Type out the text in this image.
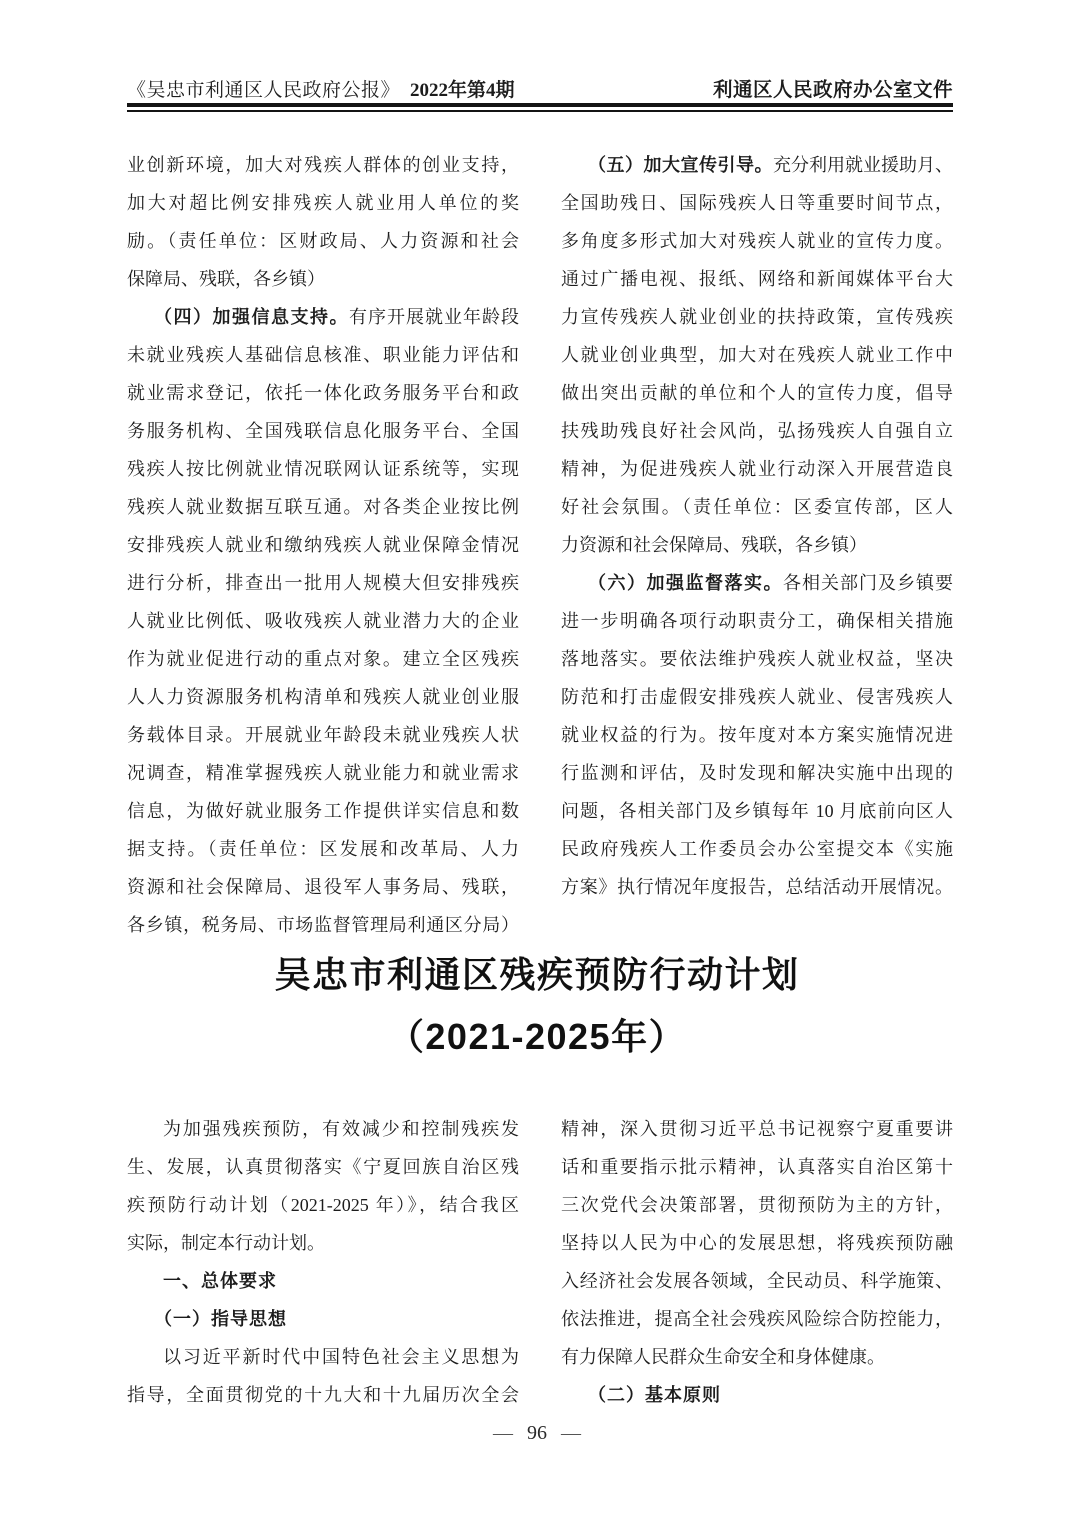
《吴忠市利通区人民政府公报》 2022年第4期	利通区人民政府办公室文件
业创新环境，加大对残疾人群体的创业支持，
加大对超比例安排残疾人就业用人单位的奖
励。（责任单位：区财政局、人力资源和社会
保障局、残联，各乡镇）
（四）加强信息支持。有序开展就业年龄段
未就业残疾人基础信息核准、职业能力评估和
就业需求登记，依托一体化政务服务平台和政
务服务机构、全国残联信息化服务平台、全国
残疾人按比例就业情况联网认证系统等，实现
残疾人就业数据互联互通。对各类企业按比例
安排残疾人就业和缴纳残疾人就业保障金情况
进行分析，排查出一批用人规模大但安排残疾
人就业比例低、吸收残疾人就业潜力大的企业
作为就业促进行动的重点对象。建立全区残疾
人人力资源服务机构清单和残疾人就业创业服
务载体目录。开展就业年龄段未就业残疾人状
况调查，精准掌握残疾人就业能力和就业需求
信息，为做好就业服务工作提供详实信息和数
据支持。（责任单位：区发展和改革局、人力
资源和社会保障局、退役军人事务局、残联，
各乡镇，税务局、市场监督管理局利通区分局）
（五）加大宣传引导。充分利用就业援助月、
全国助残日、国际残疾人日等重要时间节点，
多角度多形式加大对残疾人就业的宣传力度。
通过广播电视、报纸、网络和新闻媒体平台大
力宣传残疾人就业创业的扶持政策，宣传残疾
人就业创业典型，加大对在残疾人就业工作中
做出突出贡献的单位和个人的宣传力度，倡导
扶残助残良好社会风尚，弘扬残疾人自强自立
精神，为促进残疾人就业行动深入开展营造良
好社会氛围。（责任单位：区委宣传部，区人
力资源和社会保障局、残联，各乡镇）
（六）加强监督落实。各相关部门及乡镇要
进一步明确各项行动职责分工，确保相关措施
落地落实。要依法维护残疾人就业权益，坚决
防范和打击虚假安排残疾人就业、侵害残疾人
就业权益的行为。按年度对本方案实施情况进
行监测和评估，及时发现和解决实施中出现的
问题，各相关部门及乡镇每年 10 月底前向区人
民政府残疾人工作委员会办公室提交本《实施
方案》执行情况年度报告，总结活动开展情况。
吴忠市利通区残疾预防行动计划
（2021-2025年）
为加强残疾预防，有效减少和控制残疾发
生、发展，认真贯彻落实《宁夏回族自治区残
疾预防行动计划（2021-2025 年）》，结合我区
实际，制定本行动计划。
一、总体要求
（一）指导思想
以习近平新时代中国特色社会主义思想为
指导，全面贯彻党的十九大和十九届历次全会
精神，深入贯彻习近平总书记视察宁夏重要讲
话和重要指示批示精神，认真落实自治区第十
三次党代会决策部署，贯彻预防为主的方针，
坚持以人民为中心的发展思想，将残疾预防融
入经济社会发展各领域，全民动员、科学施策、
依法推进，提高全社会残疾风险综合防控能力，
有力保障人民群众生命安全和身体健康。
（二）基本原则
— 96 —
